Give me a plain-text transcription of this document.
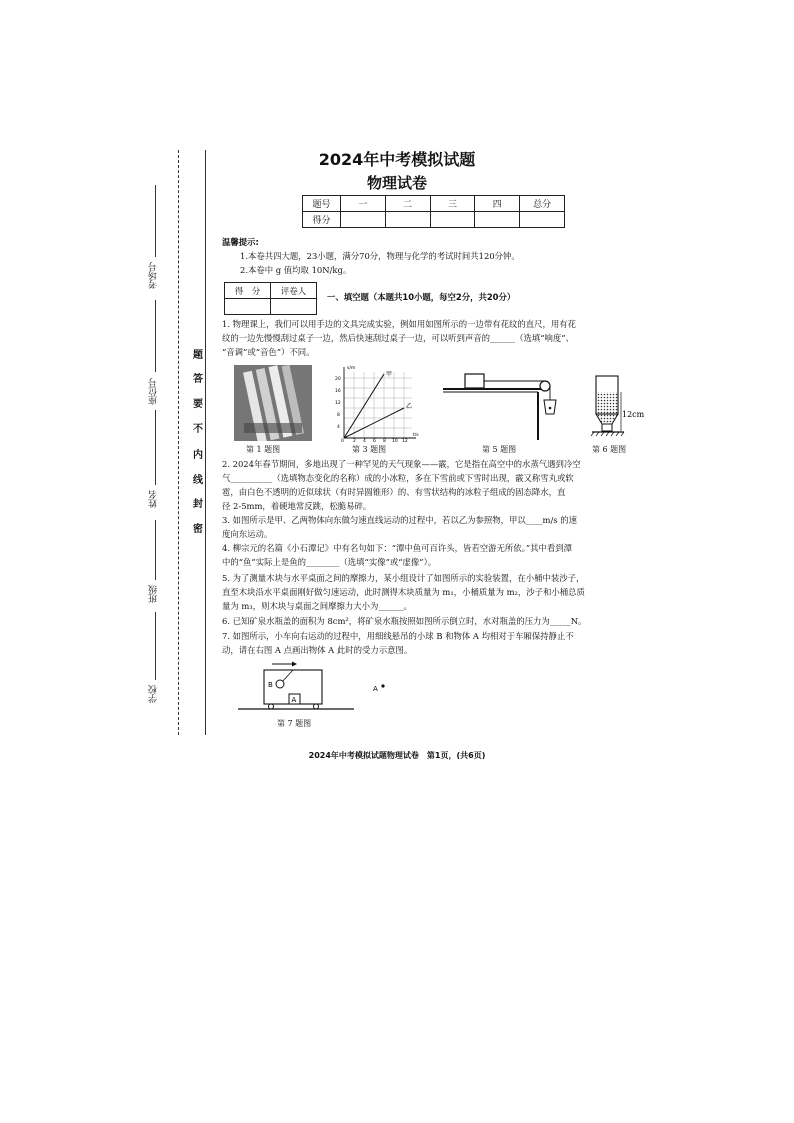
考场号
座位号
姓名
班级
学校
题
答
要
不
内
线
封
密
2024年中考模拟试题
物理试卷
题号	一	二	三	四	总分
得分					
温馨提示:
1.本卷共四大题，23小题，满分70分，物理与化学的考试时间共120分钟。
2.本卷中 g 值均取 10N/kg。
得　分	评卷人

一、填空题（本题共10小题，每空2分，共20分）
1. 物理课上，我们可以用手边的文具完成实验，例如用如图所示的一边带有花纹的直尺，用有花
纹的一边先慢慢刮过桌子一边，然后快速刮过桌子一边，可以听到声音的______（选填“响度”、
“音调”或“音色”）不同。
第 1 题图
s/m
t/s
20
16
12
8
4
0 2 4 6 8 10 12
甲
乙
第 3 题图	第 5 题图
12cm
第 6 题图
2. 2024年春节期间，多地出现了一种罕见的天气现象——霰，它是指在高空中的水蒸气遇到冷空
气__________（选填物态变化的名称）成的小冰粒，多在下雪前或下雪时出现，霰又称雪丸或软
雹，由白色不透明的近似球状（有时异圆锥形）的、有雪状结构的冰粒子组成的固态降水，直
径 2-5mm，着硬地常反跳，松脆易碎。
3. 如图所示是甲、乙两物体向东做匀速直线运动的过程中，若以乙为参照物，甲以____m/s 的速
度向东运动。
4. 柳宗元的名篇《小石潭记》中有名句如下：“潭中鱼可百许头，皆若空游无所依。”其中看到潭
中的“鱼”实际上是鱼的________（选填“实像”或“虚像”）。
5. 为了测量木块与水平桌面之间的摩擦力，某小组设计了如图所示的实验装置，在小桶中装沙子，
直至木块沿水平桌面刚好做匀速运动，此时测得木块质量为 m₁，小桶质量为 m₂，沙子和小桶总质
量为 m₃，则木块与桌面之间摩擦力大小为______。
6. 已知矿泉水瓶盖的面积为 8cm²，将矿泉水瓶按照如图所示倒立时，水对瓶盖的压力为_____N。
7. 如图所示，小车向右运动的过程中，用细线悬吊的小球 B 和物体 A 均相对于车厢保持静止不
动，请在右图 A 点画出物体 A 此时的受力示意图。
B
A
A
第 7 题图
2024年中考模拟试题物理试卷　第1页，(共6页)
